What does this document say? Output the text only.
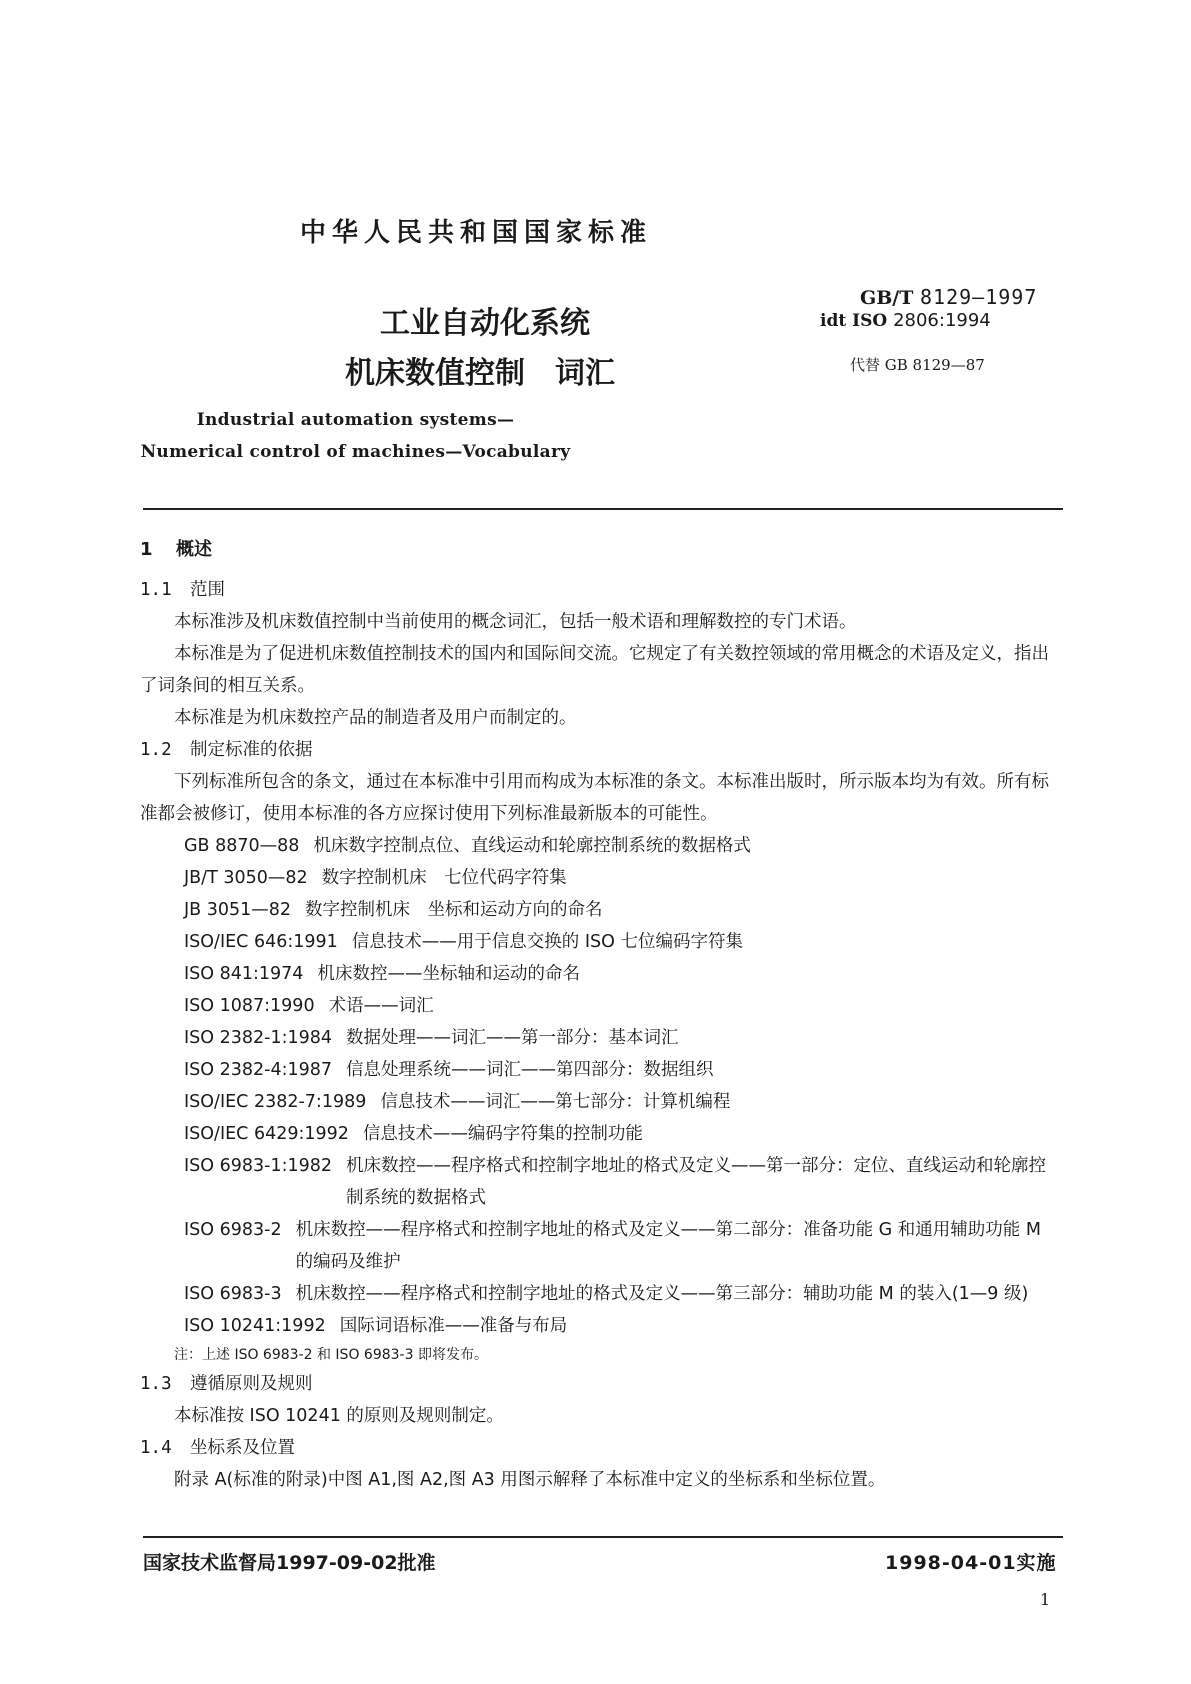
中华人民共和国国家标准
工业自动化系统
机床数值控制　词汇
GB/T 8129—1997
idt ISO 2806:1994
代替 GB 8129—87
Industrial automation systems—
Numerical control of machines—Vocabulary
1 概述
1.1 范围
本标准涉及机床数值控制中当前使用的概念词汇，包括一般术语和理解数控的专门术语。
本标准是为了促进机床数值控制技术的国内和国际间交流。它规定了有关数控领域的常用概念的术语及定义，指出了词条间的相互关系。
本标准是为机床数控产品的制造者及用户而制定的。
1.2 制定标准的依据
下列标准所包含的条文，通过在本标准中引用而构成为本标准的条文。本标准出版时，所示版本均为有效。所有标准都会被修订，使用本标准的各方应探讨使用下列标准最新版本的可能性。
GB 8870—88 机床数字控制点位、直线运动和轮廓控制系统的数据格式
JB/T 3050—82 数字控制机床　七位代码字符集
JB 3051—82 数字控制机床　坐标和运动方向的命名
ISO/IEC 646:1991 信息技术——用于信息交换的 ISO 七位编码字符集
ISO 841:1974 机床数控——坐标轴和运动的命名
ISO 1087:1990 术语——词汇
ISO 2382-1:1984 数据处理——词汇——第一部分：基本词汇
ISO 2382-4:1987 信息处理系统——词汇——第四部分：数据组织
ISO/IEC 2382-7:1989 信息技术——词汇——第七部分：计算机编程
ISO/IEC 6429:1992 信息技术——编码字符集的控制功能
ISO 6983-1:1982 机床数控——程序格式和控制字地址的格式及定义——第一部分：定位、直线运动和轮廓控制系统的数据格式
ISO 6983-2 机床数控——程序格式和控制字地址的格式及定义——第二部分：准备功能 G 和通用辅助功能 M 的编码及维护
ISO 6983-3 机床数控——程序格式和控制字地址的格式及定义——第三部分：辅助功能 M 的装入(1—9 级)
ISO 10241:1992 国际词语标准——准备与布局
注：上述 ISO 6983-2 和 ISO 6983-3 即将发布。
1.3 遵循原则及规则
本标准按 ISO 10241 的原则及规则制定。
1.4 坐标系及位置
附录 A(标准的附录)中图 A1,图 A2,图 A3 用图示解释了本标准中定义的坐标系和坐标位置。
国家技术监督局1997-09-02批准	1998-04-01实施
1
